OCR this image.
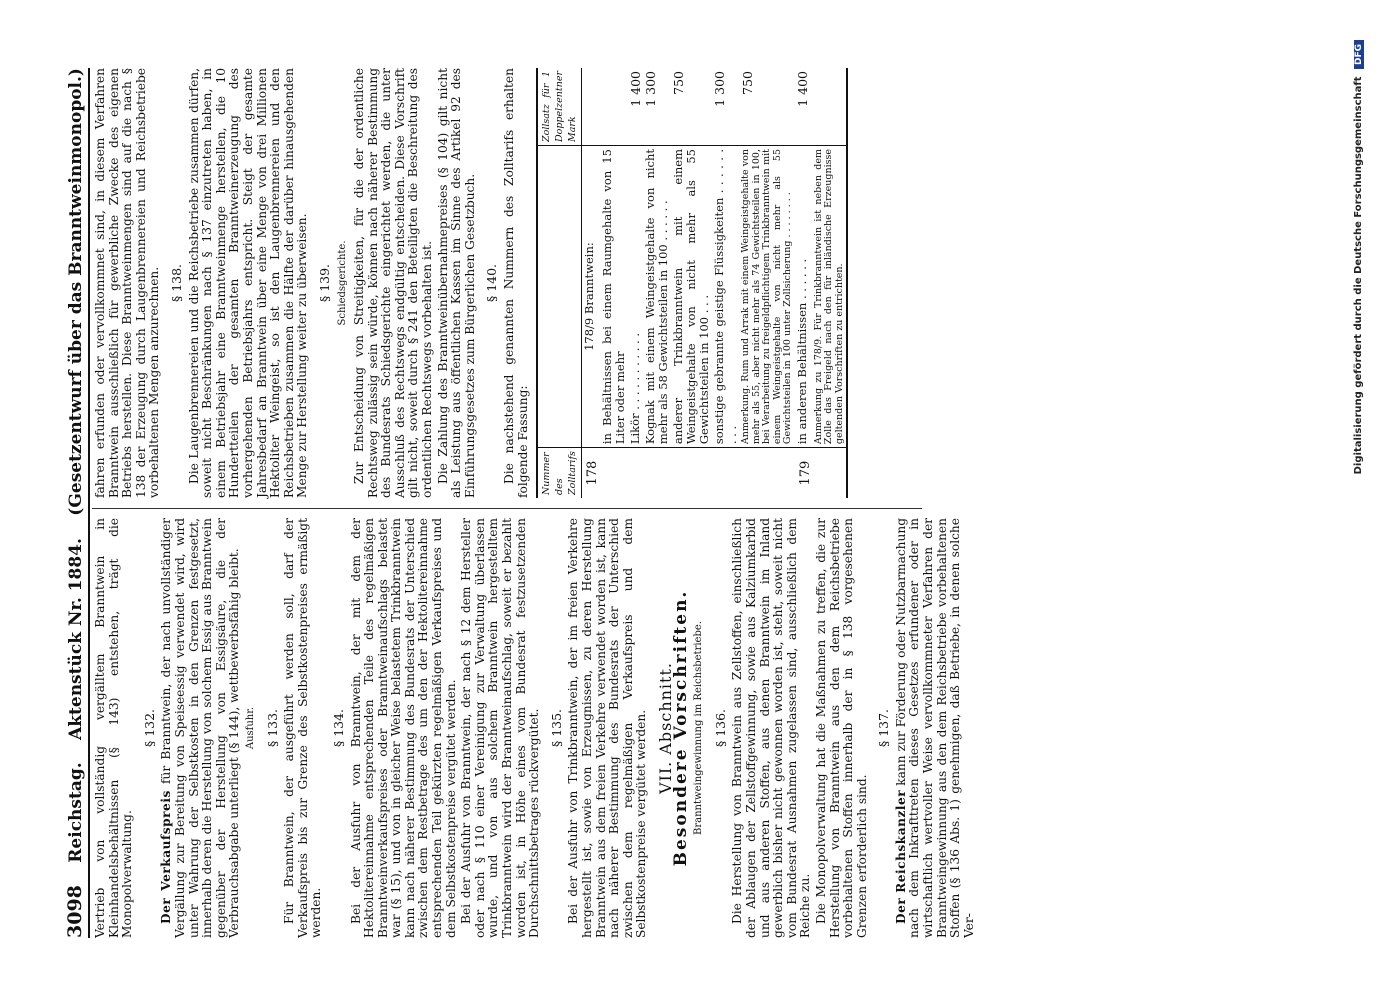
3098
Reichstag.
Aktenstück Nr. 1884.
(Gesetzentwurf über das Branntweinmonopol.)

Vertrieb von vollständig vergälltem Branntwein in Kleinhandelsbehältnissen (§ 143) entstehen, trägt die Monopolverwaltung.

§ 132.

Der Verkaufspreis für Branntwein, der nach unvollständiger Vergällung zur Bereitung von Speiseessig verwendet wird, wird unter Wahrung der Selbstkosten in den Grenzen festgesetzt, innerhalb deren die Herstellung von solchem Essig aus Branntwein gegenüber der Herstellung von Essigsäure, die der Verbrauchsabgabe unterliegt (§ 144), wettbewerbsfähig bleibt. Ausfuhr. § 133. Für Branntwein, der ausgeführt werden soll, darf der Verkaufspreis bis zur Grenze des Selbstkostenpreises ermäßigt werden.

§ 134. Bei der Ausfuhr von Branntwein, der mit dem der Hektolitereinnahme entsprechenden Teile des regelmäßigen Branntweinverkaufspreises oder Branntweinaufschlags belastet war (§ 15), und von in gleicher Weise belastetem Trinkbranntwein kann nach näherer Bestimmung des Bundesrats der Unterschied zwischen dem Restbetrage des um den der Hektolitereinnahme entsprechenden Teil gekürzten regelmäßigen Verkaufspreises und dem Selbstkostenpreise vergütet werden. Bei der Ausfuhr von Branntwein, der nach § 12 dem Hersteller oder nach § 110 einer Vereinigung zur Verwaltung überlassen wurde, und von aus solchem Branntwein hergestelltem Trinkbranntwein wird der Branntweinaufschlag, soweit er bezahlt worden ist, in Höhe eines vom Bundesrat festzusetzenden Durchschnittsbetrages rückvergütet. § 135. Bei der Ausfuhr von Trinkbranntwein, der im freien Verkehre hergestellt ist, sowie von Erzeugnissen, zu deren Herstellung Branntwein aus dem freien Verkehre verwendet worden ist, kann nach näherer Bestimmung des Bundesrats der Unterschied zwischen dem regelmäßigen Verkaufspreis und dem Selbstkostenpreise vergütet werden. VII. Abschnitt.
Besondere Vorschriften. Branntweingewinnung im Reichsbetriebe. § 136. Die Herstellung von Branntwein aus Zellstoffen, einschließlich der Ablaugen der Zellstoffgewinnung, sowie aus Kalziumkarbid und aus anderen Stoffen, aus denen Branntwein im Inland gewerblich bisher nicht gewonnen worden ist, steht, soweit nicht vom Bundesrat Ausnahmen zugelassen sind, ausschließlich dem Reiche zu. Die Monopolverwaltung hat die Maßnahmen zu treffen, die zur Herstellung von Branntwein aus den dem Reichsbetriebe vorbehaltenen Stoffen innerhalb der in § 138 vorgesehenen Grenzen erforderlich sind.

§ 137.

Der Reichskanzler kann zur Förderung oder Nutzbarmachung nach dem Inkrafttreten dieses Gesetzes erfundener oder in wirtschaftlich wertvoller Weise vervollkommneter Verfahren der Branntweingewinnung aus den dem Reichsbetriebe vorbehaltenen Stoffen (§ 136 Abs. 1) genehmigen, daß Betriebe, in denen solche Ver-

fahren erfunden oder vervollkommnet sind, in diesem Verfahren Branntwein ausschließlich für gewerbliche Zwecke des eigenen Betriebs herstellen. Diese Branntweinmengen sind auf die nach § 138 der Erzeugung durch Laugenbrennereien und Reichsbetriebe vorbehaltenen Mengen anzurechnen. § 138. Die Laugenbrennereien und die Reichsbetriebe zusammen dürfen, soweit nicht Beschränkungen nach § 137 einzutreten haben, in einem Betriebsjahr eine Branntweinmenge herstellen, die 10 Hundertteilen der gesamten Branntweinerzeugung des vorhergehenden Betriebsjahrs entspricht. Steigt der gesamte Jahresbedarf an Branntwein über eine Menge von drei Millionen Hektoliter Weingeist, so ist den Laugenbrennereien und den Reichsbetrieben zusammen die Hälfte der darüber hinausgehenden Menge zur Herstellung weiter zu überweisen. § 139. Schiedsgerichte. Zur Entscheidung von Streitigkeiten, für die der ordentliche Rechtsweg zulässig sein würde, können nach näherer Bestimmung des Bundesrats Schiedsgerichte eingerichtet werden, die unter Ausschluß des Rechtswegs endgültig entscheiden. Diese Vorschrift gilt nicht, soweit durch § 241 den Beteiligten die Beschreitung des ordentlichen Rechtswegs vorbehalten ist. Die Zahlung des Branntweinübernahmepreises (§ 104) gilt nicht als Leistung aus öffentlichen Kassen im Sinne des Artikel 92 des Einführungsgesetzes zum Bürgerlichen Gesetzbuch. § 140. Die nachstehend genannten Nummern des Zolltarifs erhalten folgende Fassung: Nummer des Zolltarifs		Zollsatz für 1 Doppelzentner Mark
178	178/9 Branntwein:	
	in Behältnissen bei einem Raumgehalte von 15 Liter oder mehr	
	Likör . . . . . . . . . . .	1 400
	Kognak mit einem Weingeistgehalte von nicht mehr als 58 Gewichtsteilen in 100 . . . . . .	1 300
	anderer Trinkbranntwein mit einem Weingeistgehalte von nicht mehr als 55 Gewichtsteilen in 100 . . .	750
	sonstige gebrannte geistige Flüssigkeiten . . . . . . . . .	1 300
	Anmerkung. Rum und Arrak mit einem Weingeistgehalte von mehr als 55, aber nicht mehr als 74 Gewichtsteilen in 100, bei Verarbeitung zu freigeldpflichtigem Trinkbranntwein mit einem Weingeistgehalte von nicht mehr als 55 Gewichtsteilen in 100 unter Zollsicherung . . . . . . . .	750
179	in anderen Behältnissen . . . . . .	1 400
	Anmerkung zu 178/9. Für Trinkbranntwein ist neben dem Zolle das Freigeld nach den für inländische Erzeugnisse geltenden Vorschriften zu entrichten.		Digitalisierung gefördert durch die Deutsche Forschungsgemeinschaft DFG
